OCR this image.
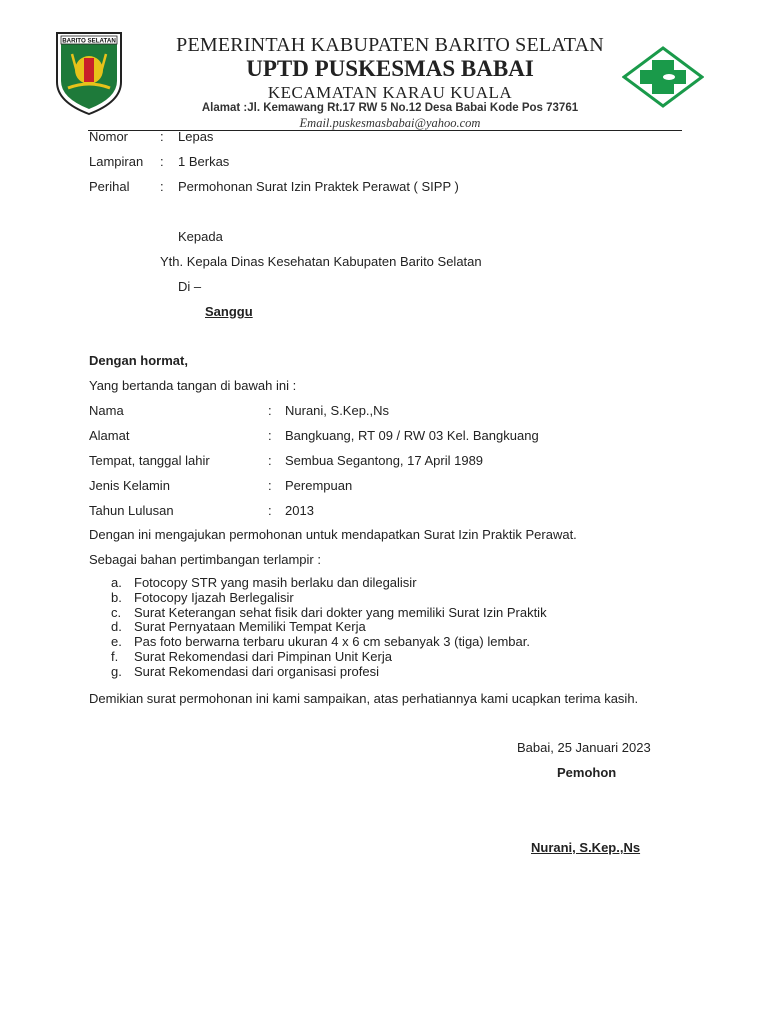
BARITO SELATAN	PEMERINTAH KABUPATEN BARITO SELATAN
UPTD PUSKESMAS BABAI
KECAMATAN KARAU KUALA
Alamat :Jl. Kemawang Rt.17 RW 5 No.12 Desa Babai Kode Pos 73761
Email.puskesmasbabai@yahoo.com
Nomor : Lepas
Lampiran : 1 Berkas
Perihal : Permohonan Surat Izin Praktek Perawat ( SIPP )
Kepada
Yth. Kepala Dinas Kesehatan Kabupaten Barito Selatan
Di –
Sanggu
Dengan hormat,
Yang bertanda tangan di bawah ini :
Nama	: Nurani, S.Kep.,Ns
Alamat	: Bangkuang, RT 09 / RW 03 Kel. Bangkuang
Tempat, tanggal lahir	: Sembua Segantong, 17 April 1989
Jenis Kelamin	: Perempuan
Tahun Lulusan	: 2013
Dengan ini mengajukan permohonan untuk mendapatkan Surat Izin Praktik Perawat.
Sebagai bahan pertimbangan terlampir :
a. Fotocopy STR yang masih berlaku dan dilegalisir
b. Fotocopy Ijazah Berlegalisir
c. Surat Keterangan sehat fisik dari dokter yang memiliki Surat Izin Praktik
d. Surat Pernyataan Memiliki Tempat Kerja
e. Pas foto berwarna terbaru ukuran 4 x 6 cm sebanyak 3 (tiga) lembar.
f. Surat Rekomendasi dari Pimpinan Unit Kerja
g. Surat Rekomendasi dari organisasi profesi
Demikian surat permohonan ini kami sampaikan, atas perhatiannya kami ucapkan terima kasih.
Babai, 25 Januari 2023
Pemohon
Nurani, S.Kep.,Ns
